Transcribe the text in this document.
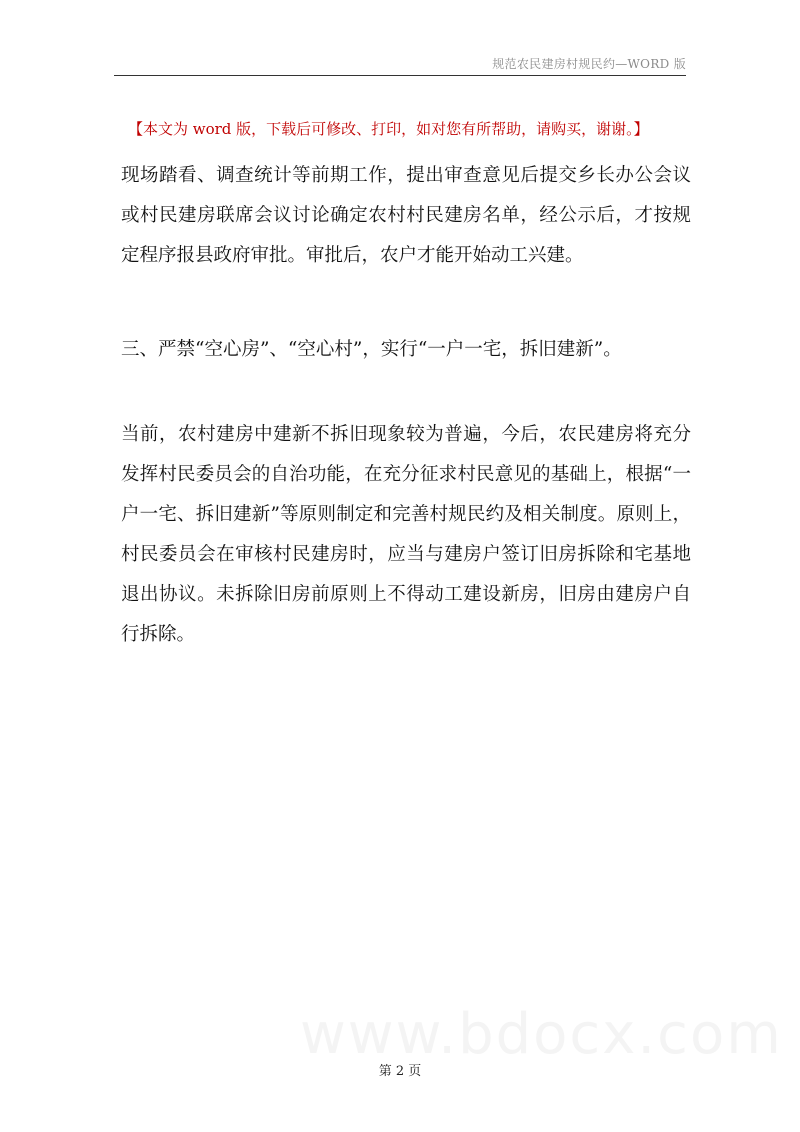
规范农民建房村规民约—WORD 版
【本文为 word 版，下载后可修改、打印，如对您有所帮助，请购买，谢谢。】

现场踏看、调查统计等前期工作，提出审查意见后提交乡长办公会议或村民建房联席会议讨论确定农村村民建房名单，经公示后，才按规定程序报县政府审批。审批后，农户才能开始动工兴建。

三、严禁“空心房”、“空心村”，实行“一户一宅，拆旧建新”。

当前，农村建房中建新不拆旧现象较为普遍，今后，农民建房将充分发挥村民委员会的自治功能，在充分征求村民意见的基础上，根据“一户一宅、拆旧建新”等原则制定和完善村规民约及相关制度。原则上，村民委员会在审核村民建房时，应当与建房户签订旧房拆除和宅基地退出协议。未拆除旧房前原则上不得动工建设新房，旧房由建房户自行拆除。

www.bdocx.com
第 2 页
